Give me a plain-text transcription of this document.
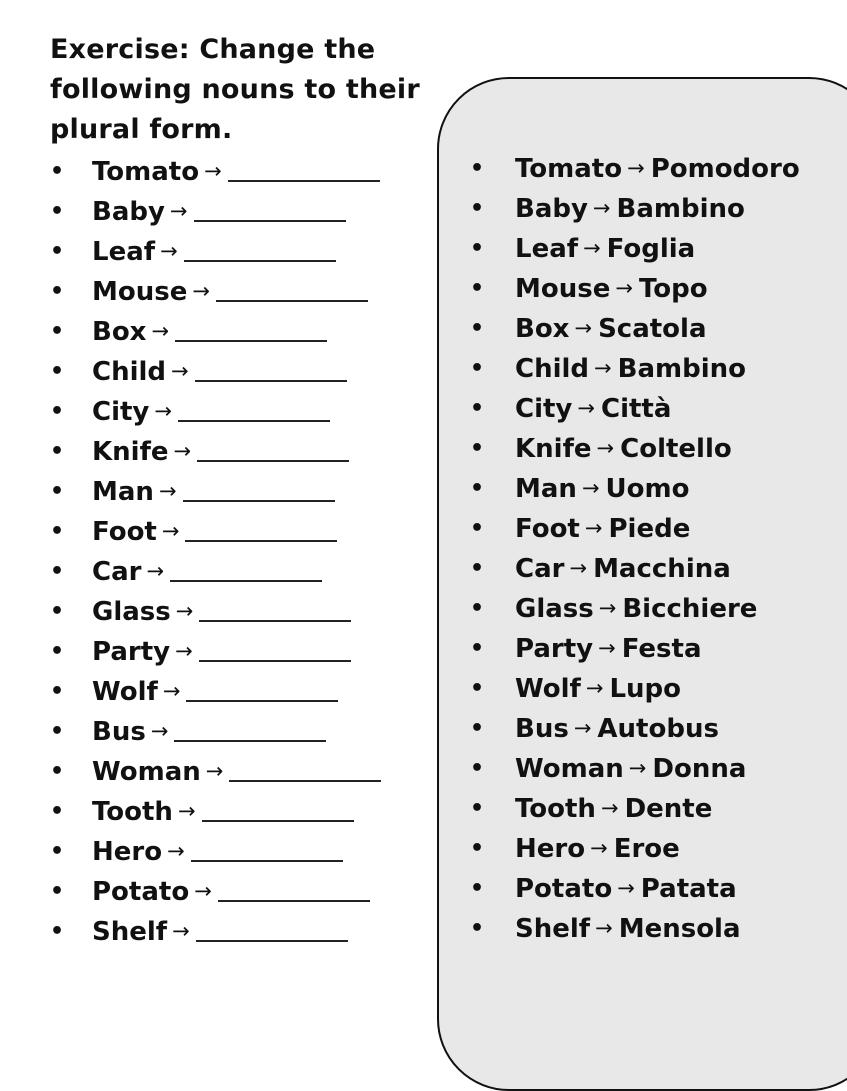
Exercise: Change the following nouns to their plural form.
•	Tomato →
•	Baby →
•	Leaf →
•	Mouse →
•	Box →
•	Child →
•	City →
•	Knife →
•	Man →
•	Foot →
•	Car →
•	Glass →
•	Party →
•	Wolf →
•	Bus →
•	Woman →
•	Tooth →
•	Hero →
•	Potato →
•	Shelf →
•	Tomato → Pomodoro
•	Baby → Bambino
•	Leaf → Foglia
•	Mouse → Topo
•	Box → Scatola
•	Child → Bambino
•	City → Città
•	Knife → Coltello
•	Man → Uomo
•	Foot → Piede
•	Car → Macchina
•	Glass → Bicchiere
•	Party → Festa
•	Wolf → Lupo
•	Bus → Autobus
•	Woman → Donna
•	Tooth → Dente
•	Hero → Eroe
•	Potato → Patata
•	Shelf → Mensola
